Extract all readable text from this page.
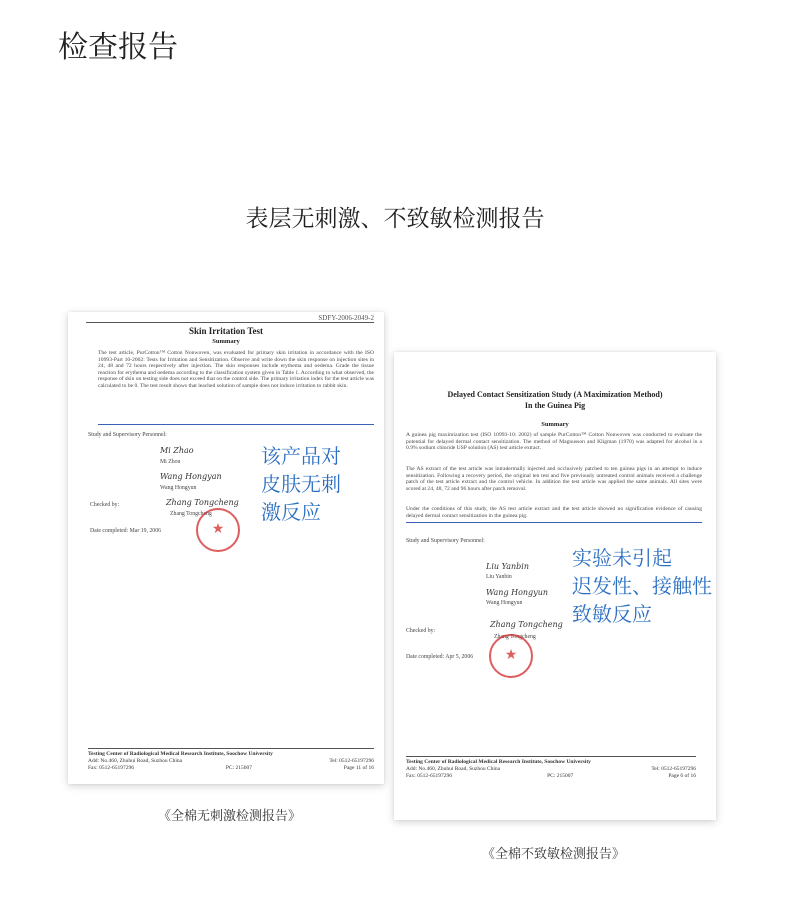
检查报告
表层无刺激、不致敏检测报告
SDFY-2006-2049-2
Skin Irritation Test
Summary
The test article, PurCotton™ Cotton Nonwoven, was evaluated for primary skin irritation in accordance with the ISO 10993-Part 10-2002: Tests for Irritation and Sensitization. Observe and write down the skin response on injection sites in 24, 48 and 72 hours respectively after injection. The skin responses include erythema and oedema. Grade the tissue reaction for erythema and oedema according to the classification system given in Table 1. According to what observed, the response of skin on testing side does not exceed that on the control side. The primary irritation index for the test article was calculated to be 0. The test result shows that leached solution of sample does not induce irritation to rabbit skin.
Study and Supervisory Personnel:
Mi Zhao
Mi Zhou
Wang Hongyan
Wang Hongyun
Checked by:	Zhang Tongcheng
Zhang Tongcheng
★
Date completed: Mar 19, 2006
Testing Center of Radiological Medical Research Institute, Soochow University
Add: No.460, Zhuhui Road, Suzhou China	Tel: 0512-65197296
Fax: 0512-65197296	PC: 215007	Page 11 of 16
Delayed Contact Sensitization Study (A Maximization Method)
In the Guinea Pig
Summary
A guinea pig maximization test (ISO 10993-10: 2002) of sample PurCotton™ Cotton Nonwoven was conducted to evaluate the potential for delayed dermal contact sensitization. The method of Magnusson and Kligman (1970) was adapted for alcohol in a 0.9% sodium chloride USP solution (AS) test article extract.
The AS extract of the test article was intradermally injected and occlusively patched to ten guinea pigs in an attempt to induce sensitization. Following a recovery period, the original ten test and five previously untreated control animals received a challenge patch of the test article extract and the control vehicle. In addition the test article was applied the same animals. All sites were scored at 24, 48, 72 and 96 hours after patch removal.
Under the conditions of this study, the AS test article extract and the test article showed no signification evidence of causing delayed dermal contact sensitization in the guinea pig.
Study and Supervisory Personnel:
Liu Yanbin
Liu Yanbin
Wang Hongyun
Wang Hongyun
Checked by:
Zhang Tongcheng
Zhang Tongcheng
★
Date completed: Apr 5, 2006
Testing Center of Radiological Medical Research Institute, Soochow University
Add: No.460, Zhuhui Road, Suzhou China	Tel: 0512-65197296
Fax: 0512-65197296	PC: 215007	Page 6 of 16
该产品对
皮肤无刺
激反应
实验未引起
迟发性、接触性
致敏反应
《全棉无刺激检测报告》
《全棉不致敏检测报告》
